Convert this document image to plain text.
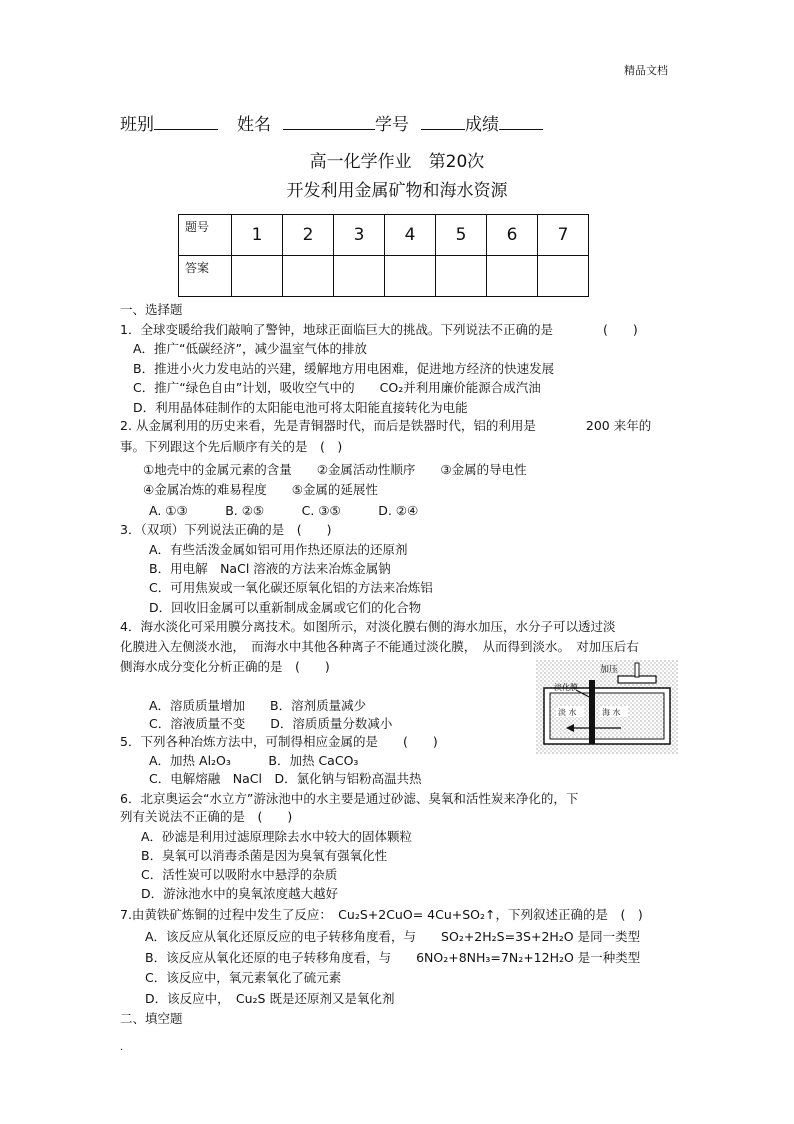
精品文档
班别	姓名	学号	成绩
高一化学作业　第20次
开发利用金属矿物和海水资源
题号	1	2	3	4	5	6	7
答案							
一、选择题
1．全球变暖给我们敲响了警钟，地球正面临巨大的挑战。下列说法不正确的是　　　　(　　)
A．推广“低碳经济”，减少温室气体的排放
B．推进小火力发电站的兴建，缓解地方用电困难，促进地方经济的快速发展
C．推广“绿色自由”计划，吸收空气中的　　CO₂并利用廉价能源合成汽油
D．利用晶体硅制作的太阳能电池可将太阳能直接转化为电能
2. 从金属利用的历史来看，先是青铜器时代，而后是铁器时代，铝的利用是　　　　200 来年的
事。下列跟这个先后顺序有关的是　(　)
①地壳中的金属元素的含量　　②金属活动性顺序　　③金属的导电性
④金属冶炼的难易程度　　⑤金属的延展性
A. ①③　　　B. ②⑤　　　C. ③⑤　　　D. ②④
3．（双项）下列说法正确的是　(　　)
A．有些活泼金属如铝可用作热还原法的还原剂
B．用电解　NaCl 溶液的方法来冶炼金属钠
C．可用焦炭或一氧化碳还原氧化铝的方法来冶炼铝
D．回收旧金属可以重新制成金属或它们的化合物
4．海水淡化可采用膜分离技术。如图所示，对淡化膜右侧的海水加压，水分子可以透过淡
化膜进入左侧淡水池，　而海水中其他各种离子不能通过淡化膜，　从而得到淡水。　对加压后右
侧海水成分变化分析正确的是　(　　)
A．溶质质量增加　　B．溶剂质量减少
C．溶液质量不变　　D．溶质质量分数减小
5．下列各种冶炼方法中，可制得相应金属的是　　(　　)
A．加热 Al₂O₃　　　B．加热 CaCO₃
C．电解熔融　NaCl　D．氯化钠与铝粉高温共热
6．北京奥运会“水立方”游泳池中的水主要是通过砂滤、臭氧和活性炭来净化的，下
列有关说法不正确的是　(　　)
A．砂滤是利用过滤原理除去水中较大的固体颗粒
B．臭氧可以消毒杀菌是因为臭氧有强氧化性
C．活性炭可以吸附水中悬浮的杂质
D．游泳池水中的臭氧浓度越大越好
7.由黄铁矿炼铜的过程中发生了反应：　Cu₂S+2CuO= 4Cu+SO₂↑，下列叙述正确的是　(　)
A．该反应从氧化还原反应的电子转移角度看，与　　SO₂+2H₂S=3S+2H₂O 是同一类型
B．该反应从氧化还原的电子转移角度看，与　　6NO₂+8NH₃=7N₂+12H₂O 是一种类型
C．该反应中，氧元素氧化了硫元素
D．该反应中，　Cu₂S 既是还原剂又是氧化剂
二、填空题
.
加压
淡化膜
淡 水	海 水
